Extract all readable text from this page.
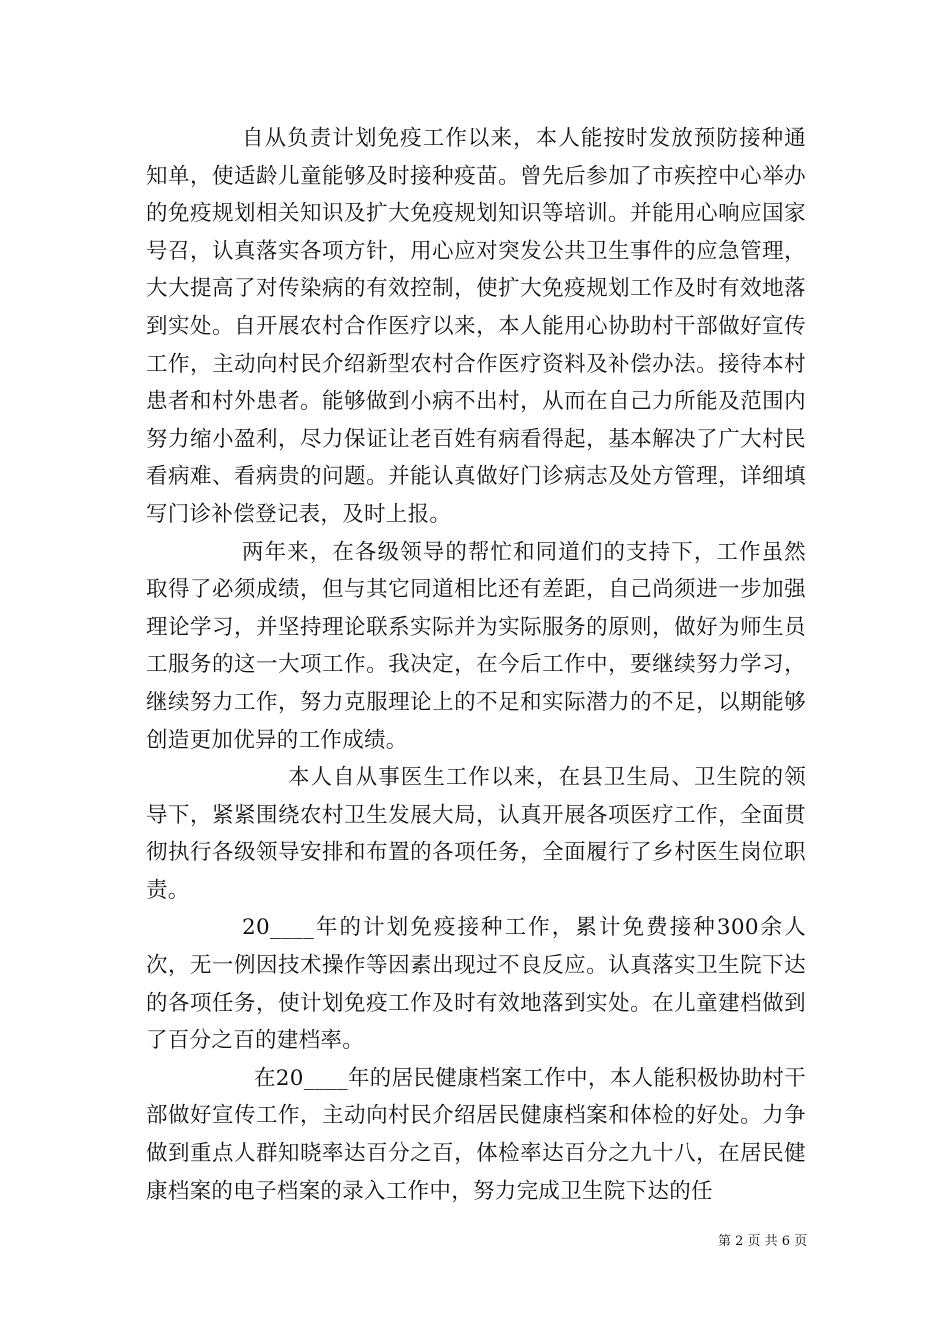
自从负责计划免疫工作以来，本人能按时发放预防接种通知单，使适龄儿童能够及时接种疫苗。曾先后参加了市疾控中心举办的免疫规划相关知识及扩大免疫规划知识等培训。并能用心响应国家号召，认真落实各项方针，用心应对突发公共卫生事件的应急管理，大大提高了对传染病的有效控制，使扩大免疫规划工作及时有效地落到实处。自开展农村合作医疗以来，本人能用心协助村干部做好宣传工作，主动向村民介绍新型农村合作医疗资料及补偿办法。接待本村患者和村外患者。能够做到小病不出村，从而在自己力所能及范围内努力缩小盈利，尽力保证让老百姓有病看得起，基本解决了广大村民看病难、看病贵的问题。并能认真做好门诊病志及处方管理，详细填写门诊补偿登记表，及时上报。

两年来，在各级领导的帮忙和同道们的支持下，工作虽然取得了必须成绩，但与其它同道相比还有差距，自己尚须进一步加强理论学习，并坚持理论联系实际并为实际服务的原则，做好为师生员工服务的这一大项工作。我决定，在今后工作中，要继续努力学习，继续努力工作，努力克服理论上的不足和实际潜力的不足，以期能够创造更加优异的工作成绩。

本人自从事医生工作以来，在县卫生局、卫生院的领导下，紧紧围绕农村卫生发展大局，认真开展各项医疗工作，全面贯彻执行各级领导安排和布置的各项任务，全面履行了乡村医生岗位职责。

20____年的计划免疫接种工作，累计免费接种300余人次，无一例因技术操作等因素出现过不良反应。认真落实卫生院下达的各项任务，使计划免疫工作及时有效地落到实处。在儿童建档做到了百分之百的建档率。

在20____年的居民健康档案工作中，本人能积极协助村干部做好宣传工作，主动向村民介绍居民健康档案和体检的好处。力争做到重点人群知晓率达百分之百，体检率达百分之九十八，在居民健康档案的电子档案的录入工作中，努力完成卫生院下达的任

第 2 页 共 6 页
